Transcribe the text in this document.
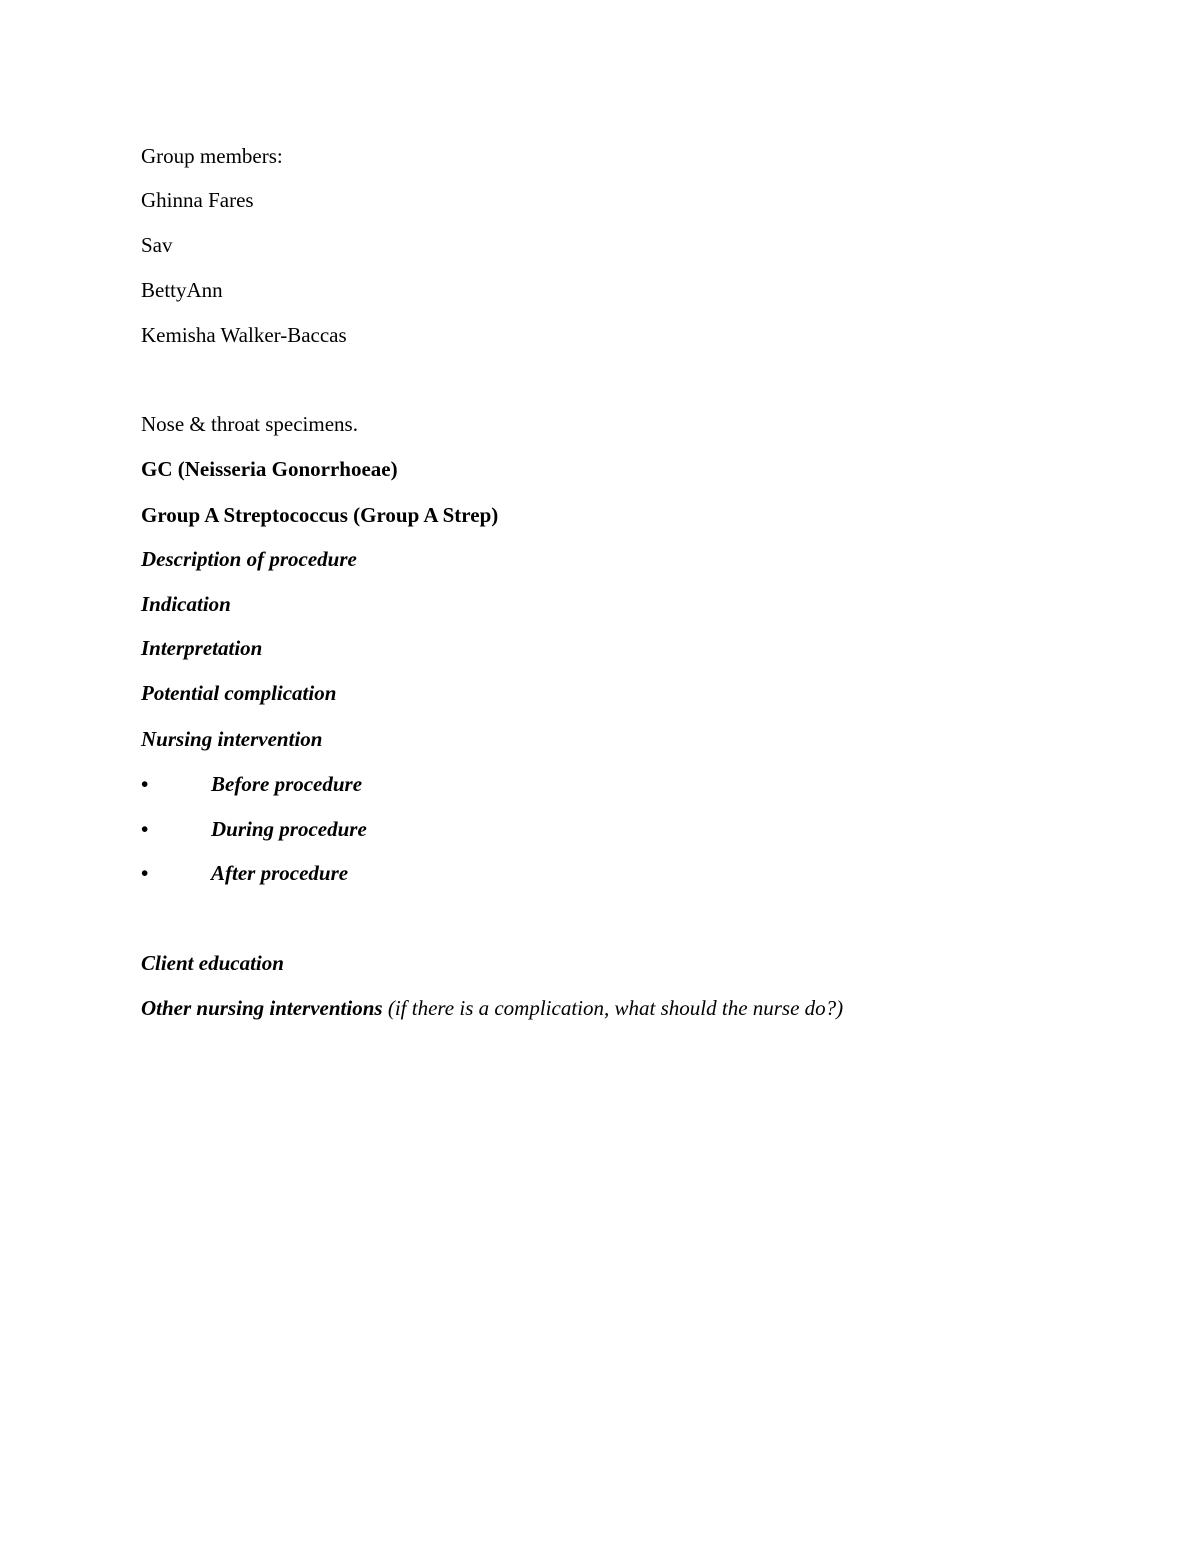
Group members:
Ghinna Fares
Sav
BettyAnn
Kemisha Walker-Baccas
Nose & throat specimens.
GC (Neisseria Gonorrhoeae)
Group A Streptococcus (Group A Strep)
Description of procedure
Indication
Interpretation
Potential complication
Nursing intervention
•	Before procedure
•	During procedure
•	After procedure
Client education
Other nursing interventions (if there is a complication, what should the nurse do?)
